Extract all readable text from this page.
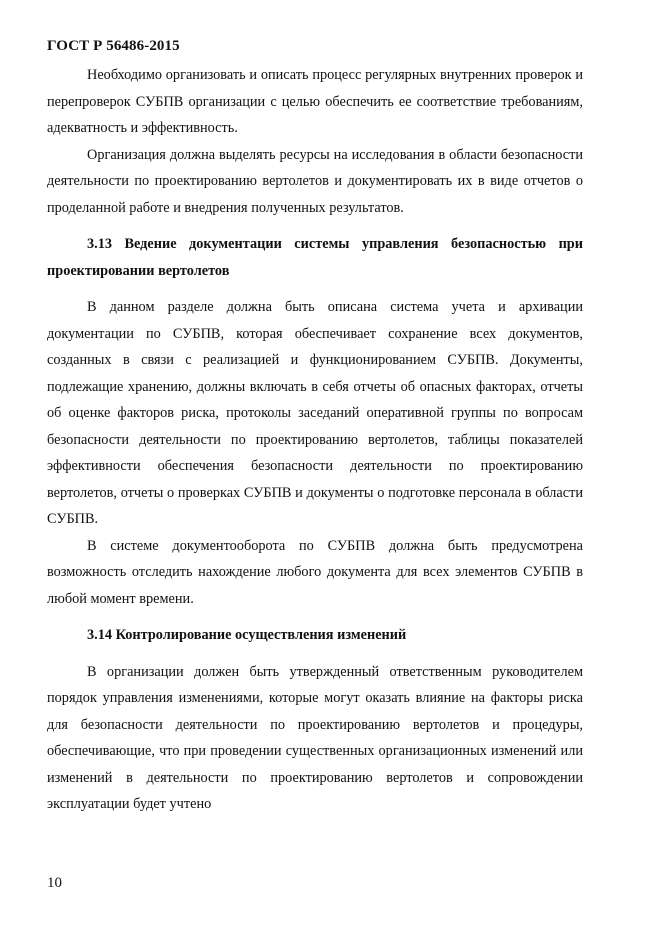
ГОСТ Р 56486-2015

Необходимо организовать и описать процесс регулярных внутренних проверок и перепроверок СУБПВ организации с целью обеспечить ее соответствие требованиям, адекватность и эффективность.

Организация должна выделять ресурсы на исследования в области безопасности деятельности по проектированию вертолетов и документировать их в виде отчетов о проделанной работе и внедрения полученных результатов.

3.13 Ведение документации системы управления безопасностью при проектировании вертолетов

В данном разделе должна быть описана система учета и архивации документации по СУБПВ, которая обеспечивает сохранение всех документов, созданных в связи с реализацией и функционированием СУБПВ. Документы, подлежащие хранению, должны включать в себя отчеты об опасных факторах, отчеты об оценке факторов риска, протоколы заседаний оперативной группы по вопросам безопасности деятельности по проектированию вертолетов, таблицы показателей эффективности обеспечения безопасности деятельности по проектированию вертолетов, отчеты о проверках СУБПВ и документы о подготовке персонала в области СУБПВ.

В системе документооборота по СУБПВ должна быть предусмотрена возможность отследить нахождение любого документа для всех элементов СУБПВ в любой момент времени.

3.14 Контролирование осуществления изменений

В организации должен быть утвержденный ответственным руководителем порядок управления изменениями, которые могут оказать влияние на факторы риска для безопасности деятельности по проектированию вертолетов и процедуры, обеспечивающие, что при проведении существенных организационных изменений или изменений в деятельности по проектированию вертолетов и сопровождении эксплуатации будет учтено

10
